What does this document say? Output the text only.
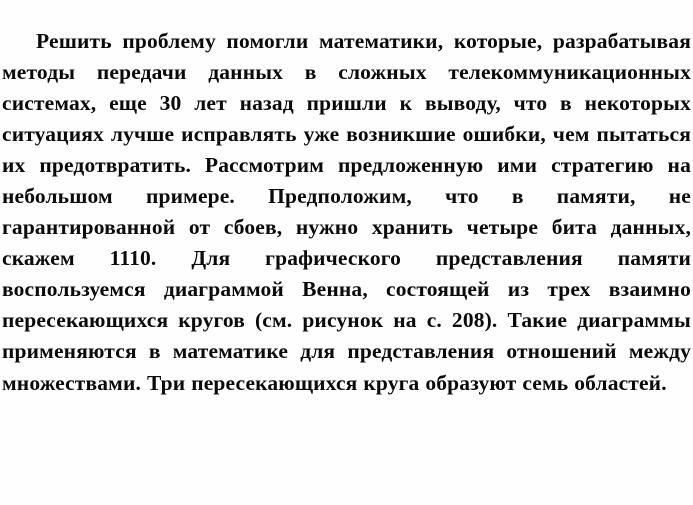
Решить проблему помогли математики, которые, разрабатывая методы передачи данных в сложных телекоммуникационных системах, еще 30 лет назад пришли к выводу, что в некоторых ситуациях лучше исправлять уже возникшие ошибки, чем пытаться их предотвратить. Рассмотрим предложенную ими стратегию на небольшом примере. Предположим, что в памяти, не гарантированной от сбоев, нужно хранить четыре бита данных, скажем 1110. Для графического представления памяти воспользуемся диаграммой Венна, состоящей из трех взаимно пересекающихся кругов (см. рисунок на с. 208). Такие диаграммы применяются в математике для представления отношений между множествами. Три пересекающихся круга образуют семь областей.
